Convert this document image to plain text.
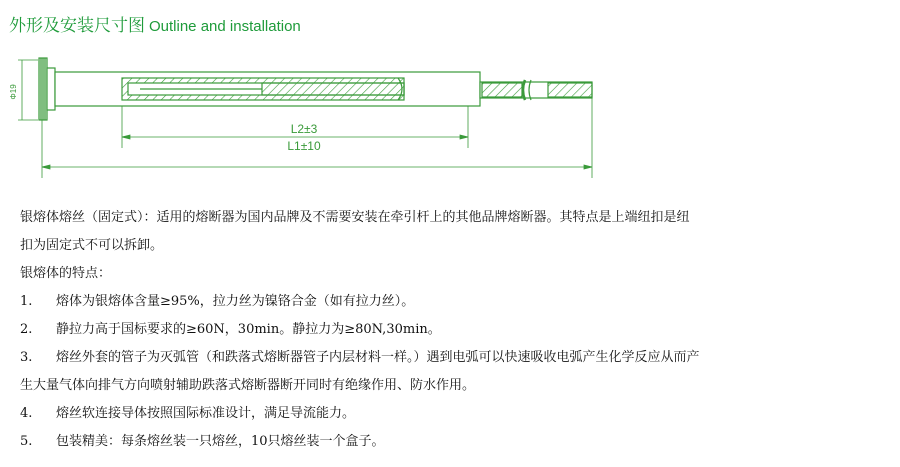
外形及安装尺寸图 Outline and installation
Φ19
L2±3
L1±10
银熔体熔丝（固定式）：适用的熔断器为国内品牌及不需要安装在牵引杆上的其他品牌熔断器。其特点是上端纽扣是纽
扣为固定式不可以拆卸。
银熔体的特点：
1. 熔体为银熔体含量≥95%，拉力丝为镍铬合金（如有拉力丝）。
2. 静拉力高于国标要求的≥60N，30min。静拉力为≥80N,30min。
3. 熔丝外套的管子为灭弧管（和跌落式熔断器管子内层材料一样。）遇到电弧可以快速吸收电弧产生化学反应从而产
生大量气体向排气方向喷射辅助跌落式熔断器断开同时有绝缘作用、防水作用。
4. 熔丝软连接导体按照国际标准设计，满足导流能力。
5. 包装精美：每条熔丝装一只熔丝，10只熔丝装一个盒子。
